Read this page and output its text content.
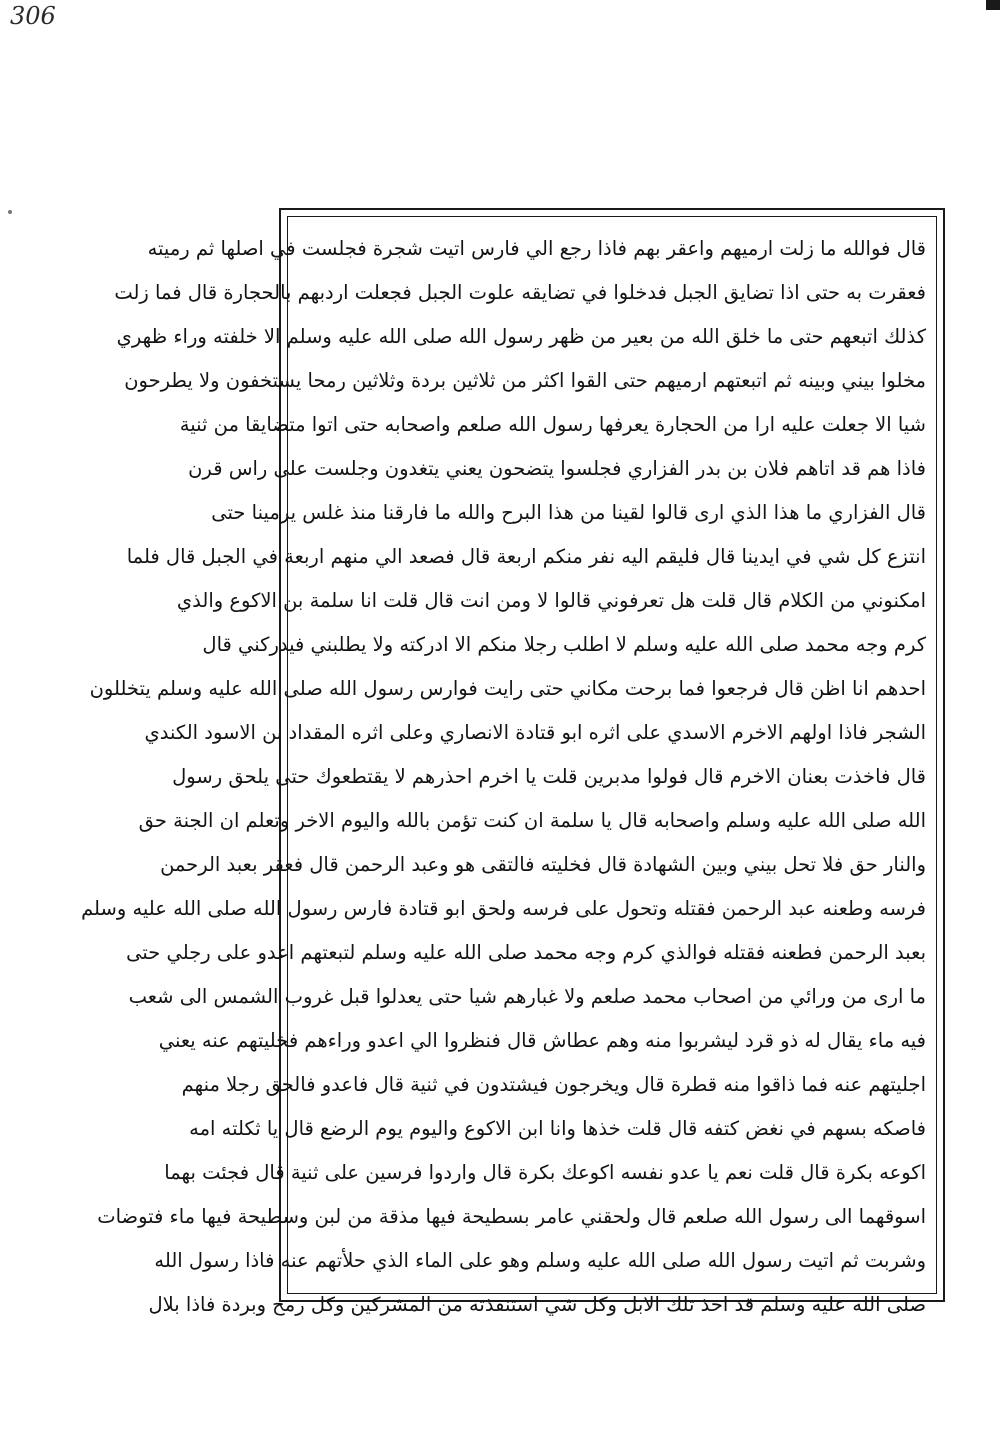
306
قال فوالله ما زلت ارميهم واعقر بهم فاذا رجع الي فارس اتيت شجرة فجلست في اصلها ثم رميته
فعقرت به حتى اذا تضايق الجبل فدخلوا في تضايقه علوت الجبل فجعلت اردبهم بالحجارة قال فما زلت
كذلك اتبعهم حتى ما خلق الله من بعير من ظهر رسول الله صلى الله عليه وسلم الا خلفته وراء ظهري
مخلوا بيني وبينه ثم اتبعتهم ارميهم حتى القوا اكثر من ثلاثين بردة وثلاثين رمحا يستخفون ولا يطرحون
شيا الا جعلت عليه ارا من الحجارة يعرفها رسول الله صلعم واصحابه حتى اتوا متضايقا من ثنية
فاذا هم قد اتاهم فلان بن بدر الفزاري فجلسوا يتضحون يعني يتغدون وجلست على راس قرن
قال الفزاري ما هذا الذي ارى قالوا لقينا من هذا البرح والله ما فارقنا منذ غلس يرمينا حتى
انتزع كل شي في ايدينا قال فليقم اليه نفر منكم اربعة قال فصعد الي منهم اربعة في الجبل قال فلما
امكنوني من الكلام قال قلت هل تعرفوني قالوا لا ومن انت قال قلت انا سلمة بن الاكوع والذي
كرم وجه محمد صلى الله عليه وسلم لا اطلب رجلا منكم الا ادركته ولا يطلبني فيدركني قال
احدهم انا اظن قال فرجعوا فما برحت مكاني حتى رايت فوارس رسول الله صلى الله عليه وسلم يتخللون
الشجر فاذا اولهم الاخرم الاسدي على اثره ابو قتادة الانصاري وعلى اثره المقداد بن الاسود الكندي
قال فاخذت بعنان الاخرم قال فولوا مدبرين قلت يا اخرم احذرهم لا يقتطعوك حتى يلحق رسول
الله صلى الله عليه وسلم واصحابه قال يا سلمة ان كنت تؤمن بالله واليوم الاخر وتعلم ان الجنة حق
والنار حق فلا تحل بيني وبين الشهادة قال فخليته فالتقى هو وعبد الرحمن قال فعقر بعبد الرحمن
فرسه وطعنه عبد الرحمن فقتله وتحول على فرسه ولحق ابو قتادة فارس رسول الله صلى الله عليه وسلم
بعبد الرحمن فطعنه فقتله فوالذي كرم وجه محمد صلى الله عليه وسلم لتبعتهم اعدو على رجلي حتى
ما ارى من ورائي من اصحاب محمد صلعم ولا غبارهم شيا حتى يعدلوا قبل غروب الشمس الى شعب
فيه ماء يقال له ذو قرد ليشربوا منه وهم عطاش قال فنظروا الي اعدو وراءهم فخليتهم عنه يعني
اجليتهم عنه فما ذاقوا منه قطرة قال ويخرجون فيشتدون في ثنية قال فاعدو فالحق رجلا منهم
فاصكه بسهم في نغض كتفه قال قلت خذها وانا ابن الاكوع واليوم يوم الرضع قال يا ثكلته امه
اكوعه بكرة قال قلت نعم يا عدو نفسه اكوعك بكرة قال واردوا فرسين على ثنية قال فجئت بهما
اسوقهما الى رسول الله صلعم قال ولحقني عامر بسطيحة فيها مذقة من لبن وسطيحة فيها ماء فتوضات
وشربت ثم اتيت رسول الله صلى الله عليه وسلم وهو على الماء الذي حلأتهم عنه فاذا رسول الله
صلى الله عليه وسلم قد اخذ تلك الابل وكل شي استنقذته من المشركين وكل رمح وبردة فاذا بلال
